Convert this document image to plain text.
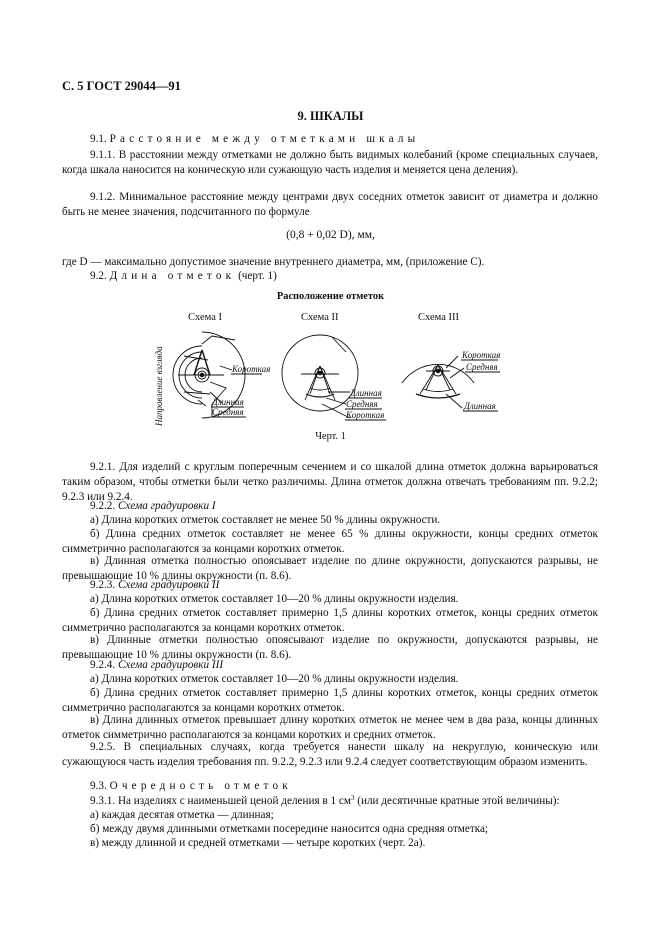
С. 5 ГОСТ 29044—91
9. ШКАЛЫ

9.1. Расстояние между отметками шкалы

9.1.1. В расстоянии между отметками не должно быть видимых колебаний (кроме специальных случаев, когда шкала наносится на коническую или сужающую часть изделия и меняется цена деления).

9.1.2. Минимальное расстояние между центрами двух соседних отметок зависит от диаметра и должно быть не менее значения, подсчитанного по формуле

(0,8 + 0,02 D), мм,

где D — максимально допустимое значение внутреннего диаметра, мм, (приложение С).

9.2. Длина отметок (черт. 1)

Расположение отметок
Схема I	Схема II	Схема III
Направление взгляда	Короткая
Длинная
Средняя
Длинная
Средняя
Короткая
Короткая
Средняя
Длинная
Черт. 1

9.2.1. Для изделий с круглым поперечным сечением и со шкалой длина отметок должна варьироваться таким образом, чтобы отметки были четко различимы. Длина отметок должна отвечать требованиям пп. 9.2.2; 9.2.3 или 9.2.4.

9.2.2. Схема градуировки I

а) Длина коротких отметок составляет не менее 50 % длины окружности.

б) Длина средних отметок составляет не менее 65 % длины окружности, концы средних отметок симметрично располагаются за концами коротких отметок.

в) Длинная отметка полностью опоясывает изделие по длине окружности, допускаются разрывы, не превышающие 10 % длины окружности (п. 8.6).

9.2.3. Схема градуировки II

а) Длина коротких отметок составляет 10—20 % длины окружности изделия.

б) Длина средних отметок составляет примерно 1,5 длины коротких отметок, концы средних отметок симметрично располагаются за концами коротких отметок.

в) Длинные отметки полностью опоясывают изделие по окружности, допускаются разрывы, не превышающие 10 % длины окружности (п. 8.6).

9.2.4. Схема градуировки III

а) Длина коротких отметок составляет 10—20 % длины окружности изделия.

б) Длина средних отметок составляет примерно 1,5 длины коротких отметок, концы средних отметок симметрично располагаются за концами коротких отметок.

в) Длина длинных отметок превышает длину коротких отметок не менее чем в два раза, концы длинных отметок симметрично располагаются за концами коротких и средних отметок.

9.2.5. В специальных случаях, когда требуется нанести шкалу на некруглую, коническую или сужающуюся часть изделия требования пп. 9.2.2, 9.2.3 или 9.2.4 следует соответствующим образом изменить.

9.3. Очередность отметок

9.3.1. На изделиях с наименьшей ценой деления в 1 $см^3$ (или десятичные кратные этой величины):

а) каждая десятая отметка — длинная;

б) между двумя длинными отметками посередине наносится одна средняя отметка;

в) между длинной и средней отметками — четыре коротких (черт. 2а).
